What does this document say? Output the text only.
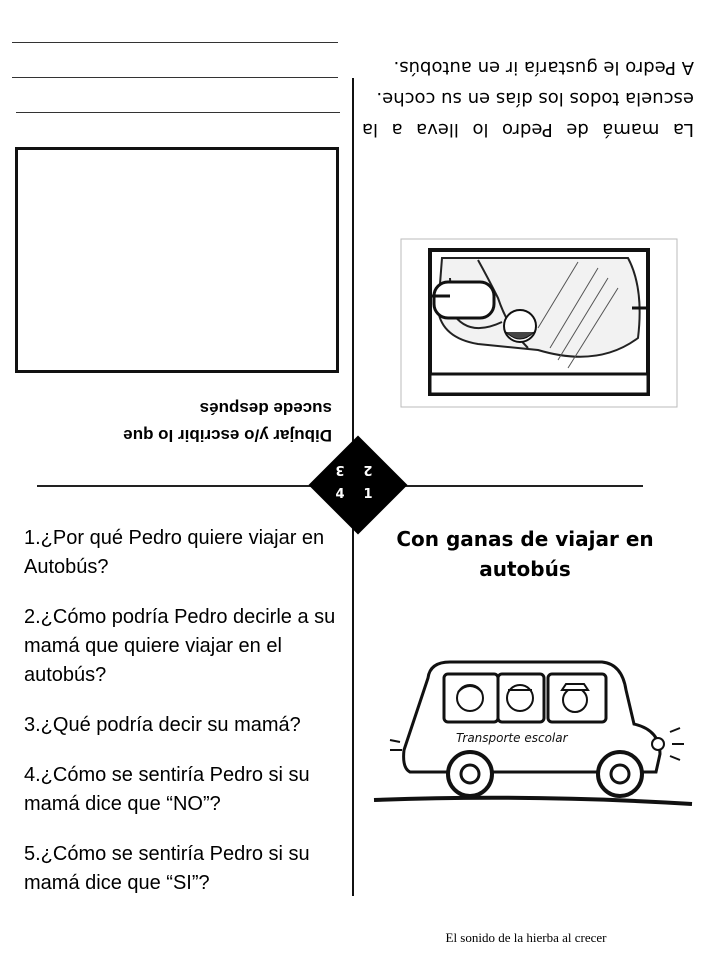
1
2
3
4

La mamá de Pedro lo lleva a la escuela todos los días en su coche.

A Pedro le gustaría ir en autobús.

Dibujar y/o escribir lo que sucede después
Con ganas de viajar en autobús
Transporte escolar

1.¿Por qué Pedro quiere viajar en Autobús?

2.¿Cómo podría Pedro decirle a su mamá que quiere viajar en el autobús?

3.¿Qué podría decir su mamá?

4.¿Cómo se sentiría Pedro si su mamá dice que “NO”?

5.¿Cómo se sentiría Pedro si su mamá dice que “SI”?

El sonido de la hierba al crecer
